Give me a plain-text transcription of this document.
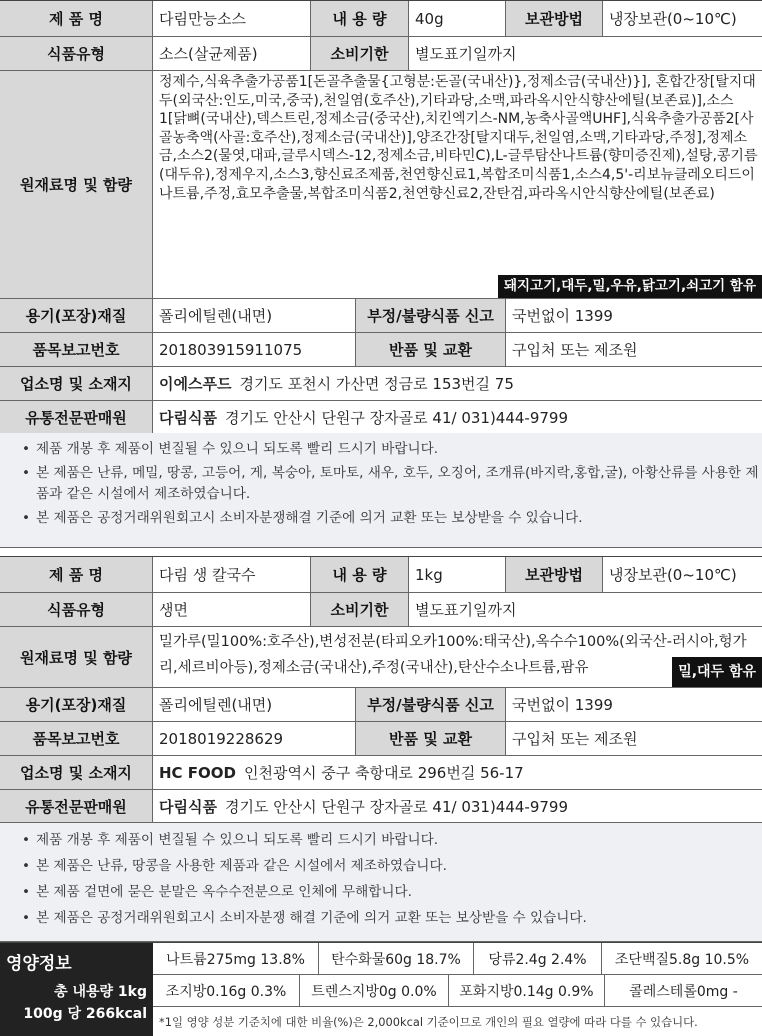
제 품 명	다림만능소스	내 용 량	40g	보관방법	냉장보관(0~10℃)
식품유형	소스(살균제품)	소비기한	별도표기일까지
원재료명 및 함량
정제수,식육추출가공품1[돈골추출물{고형분:돈골(국내산)},정제소금(국내산)}], 혼합간장[탈지대두(외국산:인도,미국,중국),천일염(호주산),기타과당,소맥,파라옥시안식향산에틸(보존료)],소스1[닭뼈(국내산),덱스트린,정제소금(중국산),치킨엑기스-NM,농축사골액UHF],식육추출가공품2[사골농축액(사골:호주산),정제소금(국내산)],양조간장[탈지대두,천일염,소맥,기타과당,주정],정제소금,소스2(물엿,대파,글루시덱스-12,정제소금,비타민C),L-글루탐산나트륨(향미증진제),설탕,콩기름(대두유),정제우지,소스3,향신료조제품,천연향신료1,복합조미식품1,소스4,5'-리보뉴클레오티드이나트륨,주정,효모추출물,복합조미식품2,천연향신료2,잔탄검,파라옥시안식향산에틸(보존료)
돼지고기,대두,밀,우유,닭고기,쇠고기 함유
용기(포장)재질	폴리에틸렌(내면)	부정/불량식품 신고	국번없이 1399
품목보고번호	201803915911075	반품 및 교환	구입처 또는 제조원
업소명 및 소재지	이에스푸드 경기도 포천시 가산면 정금로 153번길 75
유통전문판매원	다림식품 경기도 안산시 단원구 장자골로 41/ 031)444-9799
• 제품 개봉 후 제품이 변질될 수 있으니 되도록 빨리 드시기 바랍니다.
• 본 제품은 난류, 메밀, 땅콩, 고등어, 게, 복숭아, 토마토, 새우, 호두, 오징어, 조개류(바지락,홍합,굴), 아황산류를 사용한 제품과 같은 시설에서 제조하였습니다.
• 본 제품은 공정거래위원회고시 소비자분쟁해결 기준에 의거 교환 또는 보상받을 수 있습니다.
제 품 명	다림 생 칼국수	내 용 량	1kg	보관방법	냉장보관(0~10℃)
식품유형	생면	소비기한	별도표기일까지
원재료명 및 함량
밀가루(밀100%:호주산),변성전분(타피오카100%:태국산),옥수수100%(외국산-러시아,헝가리,세르비아등),정제소금(국내산),주정(국내산),탄산수소나트륨,팜유	밀,대두 함유
용기(포장)재질	폴리에틸렌(내면)	부정/불량식품 신고	국번없이 1399
품목보고번호	2018019228629	반품 및 교환	구입처 또는 제조원
업소명 및 소재지	HC FOOD 인천광역시 중구 축항대로 296번길 56-17
유통전문판매원	다림식품 경기도 안산시 단원구 장자골로 41/ 031)444-9799
• 제품 개봉 후 제품이 변질될 수 있으니 되도록 빨리 드시기 바랍니다.
• 본 제품은 난류, 땅콩을 사용한 제품과 같은 시설에서 제조하였습니다.
• 본 제품 겉면에 묻은 분말은 옥수수전분으로 인체에 무해합니다.
• 본 제품은 공정거래위원회고시 소비자분쟁 해결 기준에 의거 교환 또는 보상받을 수 있습니다.
영양정보
총 내용량 1kg
100g 당 266kcal
나트륨275mg 13.8%	탄수화물60g 18.7%	당류2.4g 2.4%	조단백질5.8g 10.5%
조지방0.16g 0.3%	트렌스지방0g 0.0%	포화지방0.14g 0.9%	콜레스테롤0mg -
*1일 영양 성분 기준치에 대한 비율(%)은 2,000kcal 기준이므로 개인의 필요 열량에 따라 다를 수 있습니다.
